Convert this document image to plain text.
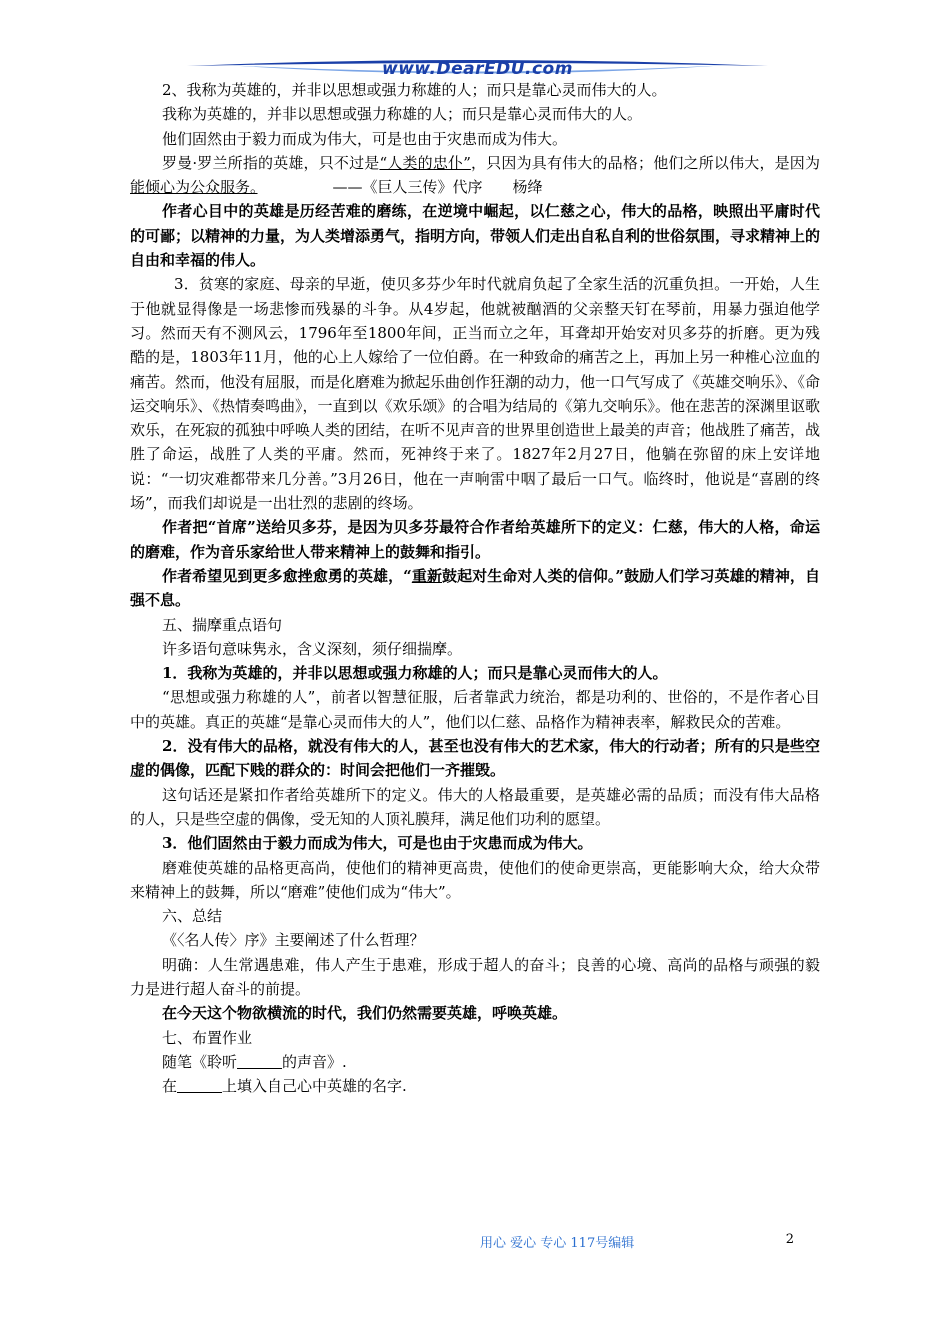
www.DearEDU.com

2、我称为英雄的，并非以思想或强力称雄的人；而只是靠心灵而伟大的人。

我称为英雄的，并非以思想或强力称雄的人；而只是靠心灵而伟大的人。

他们固然由于毅力而成为伟大，可是也由于灾患而成为伟大。

罗曼·罗兰所指的英雄，只不过是“人类的忠仆”，只因为具有伟大的品格；他们之所以伟大，是因为能倾心为公众服务。　　　　　——《巨人三传》代序　　杨绛

作者心目中的英雄是历经苦难的磨练，在逆境中崛起，以仁慈之心，伟大的品格，映照出平庸时代的可鄙；以精神的力量，为人类增添勇气，指明方向，带领人们走出自私自利的世俗氛围，寻求精神上的自由和幸福的伟人。

3．贫寒的家庭、母亲的早逝，使贝多芬少年时代就肩负起了全家生活的沉重负担。一开始，人生于他就显得像是一场悲惨而残暴的斗争。从4岁起，他就被酗酒的父亲整天钉在琴前，用暴力强迫他学习。然而天有不测风云，1796年至1800年间，正当而立之年，耳聋却开始安对贝多芬的折磨。更为残酷的是，1803年11月，他的心上人嫁给了一位伯爵。在一种致命的痛苦之上，再加上另一种椎心泣血的痛苦。然而，他没有屈服，而是化磨难为掀起乐曲创作狂潮的动力，他一口气写成了《英雄交响乐》、《命运交响乐》、《热情奏鸣曲》，一直到以《欢乐颂》的合唱为结局的《第九交响乐》。他在悲苦的深渊里讴歌欢乐，在死寂的孤独中呼唤人类的团结，在听不见声音的世界里创造世上最美的声音；他战胜了痛苦，战胜了命运，战胜了人类的平庸。然而，死神终于来了。1827年2月27日，他躺在弥留的床上安详地说：“一切灾难都带来几分善。”3月26日，他在一声响雷中咽了最后一口气。临终时，他说是“喜剧的终场”，而我们却说是一出壮烈的悲剧的终场。

作者把“首席”送给贝多芬，是因为贝多芬最符合作者给英雄所下的定义：仁慈，伟大的人格，命运的磨难，作为音乐家给世人带来精神上的鼓舞和指引。

作者希望见到更多愈挫愈勇的英雄，“重新鼓起对生命对人类的信仰。”鼓励人们学习英雄的精神，自强不息。

五、揣摩重点语句

许多语句意味隽永，含义深刻，须仔细揣摩。

1．我称为英雄的，并非以思想或强力称雄的人；而只是靠心灵而伟大的人。

“思想或强力称雄的人”，前者以智慧征服，后者靠武力统治，都是功利的、世俗的，不是作者心目中的英雄。真正的英雄“是靠心灵而伟大的人”，他们以仁慈、品格作为精神表率，解救民众的苦难。

2．没有伟大的品格，就没有伟大的人，甚至也没有伟大的艺术家，伟大的行动者；所有的只是些空虚的偶像，匹配下贱的群众的：时间会把他们一齐摧毁。

这句话还是紧扣作者给英雄所下的定义。伟大的人格最重要，是英雄必需的品质；而没有伟大品格的人，只是些空虚的偶像，受无知的人顶礼膜拜，满足他们功利的愿望。

3．他们固然由于毅力而成为伟大，可是也由于灾患而成为伟大。

磨难使英雄的品格更高尚，使他们的精神更高贵，使他们的使命更崇高，更能影响大众，给大众带来精神上的鼓舞，所以“磨难”使他们成为“伟大”。

六、总结

《〈名人传〉序》主要阐述了什么哲理？

明确：人生常遇患难，伟人产生于患难，形成于超人的奋斗；良善的心境、高尚的品格与顽强的毅力是进行超人奋斗的前提。

在今天这个物欲横流的时代，我们仍然需要英雄，呼唤英雄。

七、布置作业

随笔《聆听　　　	的声音》.

在　　　	上填入自己心中英雄的名字.

用心 爱心 专心 117号编辑	2
